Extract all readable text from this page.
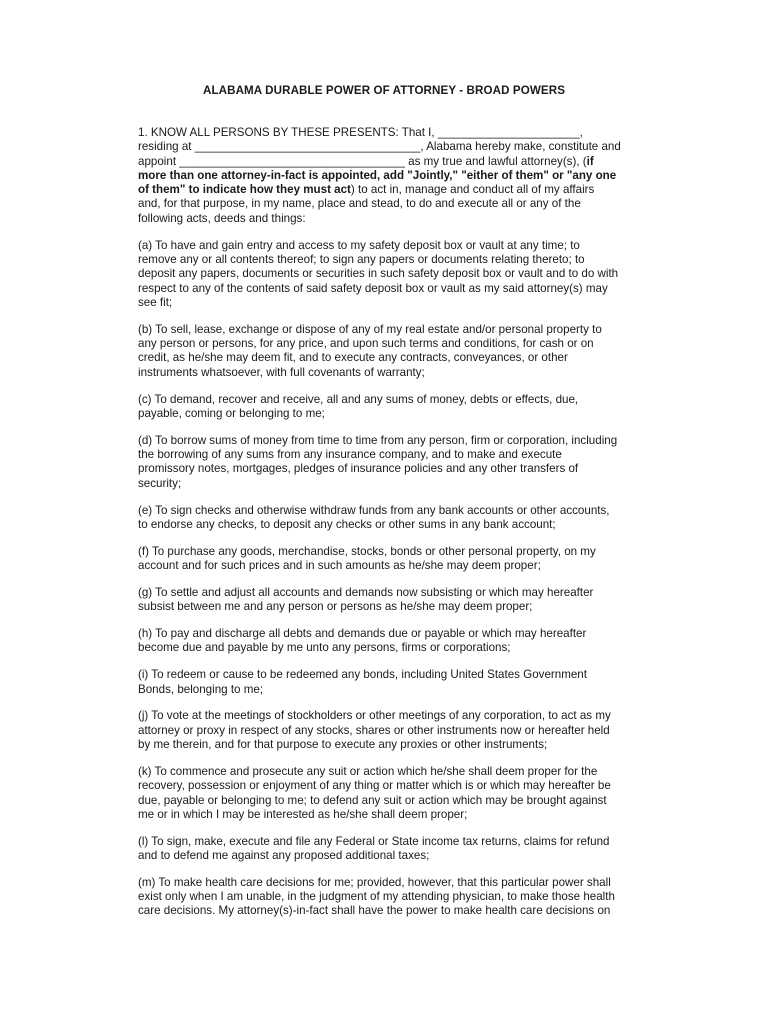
ALABAMA DURABLE POWER OF ATTORNEY - BROAD POWERS
1. KNOW ALL PERSONS BY THESE PRESENTS: That I, ______________________,
residing at ___________________________________, Alabama hereby make, constitute and
appoint ___________________________________ as my true and lawful attorney(s), (if
more than one attorney-in-fact is appointed, add "Jointly," "either of them" or "any one
of them" to indicate how they must act) to act in, manage and conduct all of my affairs
and, for that purpose, in my name, place and stead, to do and execute all or any of the
following acts, deeds and things:
(a) To have and gain entry and access to my safety deposit box or vault at any time; to
remove any or all contents thereof; to sign any papers or documents relating thereto; to
deposit any papers, documents or securities in such safety deposit box or vault and to do with
respect to any of the contents of said safety deposit box or vault as my said attorney(s) may
see fit;
(b) To sell, lease, exchange or dispose of any of my real estate and/or personal property to
any person or persons, for any price, and upon such terms and conditions, for cash or on
credit, as he/she may deem fit, and to execute any contracts, conveyances, or other
instruments whatsoever, with full covenants of warranty;
(c) To demand, recover and receive, all and any sums of money, debts or effects, due,
payable, coming or belonging to me;
(d) To borrow sums of money from time to time from any person, firm or corporation, including
the borrowing of any sums from any insurance company, and to make and execute
promissory notes, mortgages, pledges of insurance policies and any other transfers of
security;
(e) To sign checks and otherwise withdraw funds from any bank accounts or other accounts,
to endorse any checks, to deposit any checks or other sums in any bank account;
(f) To purchase any goods, merchandise, stocks, bonds or other personal property, on my
account and for such prices and in such amounts as he/she may deem proper;
(g) To settle and adjust all accounts and demands now subsisting or which may hereafter
subsist between me and any person or persons as he/she may deem proper;
(h) To pay and discharge all debts and demands due or payable or which may hereafter
become due and payable by me unto any persons, firms or corporations;
(i) To redeem or cause to be redeemed any bonds, including United States Government
Bonds, belonging to me;
(j) To vote at the meetings of stockholders or other meetings of any corporation, to act as my
attorney or proxy in respect of any stocks, shares or other instruments now or hereafter held
by me therein, and for that purpose to execute any proxies or other instruments;
(k) To commence and prosecute any suit or action which he/she shall deem proper for the
recovery, possession or enjoyment of any thing or matter which is or which may hereafter be
due, payable or belonging to me; to defend any suit or action which may be brought against
me or in which I may be interested as he/she shall deem proper;
(l) To sign, make, execute and file any Federal or State income tax returns, claims for refund
and to defend me against any proposed additional taxes;
(m) To make health care decisions for me; provided, however, that this particular power shall
exist only when I am unable, in the judgment of my attending physician, to make those health
care decisions. My attorney(s)-in-fact shall have the power to make health care decisions on
